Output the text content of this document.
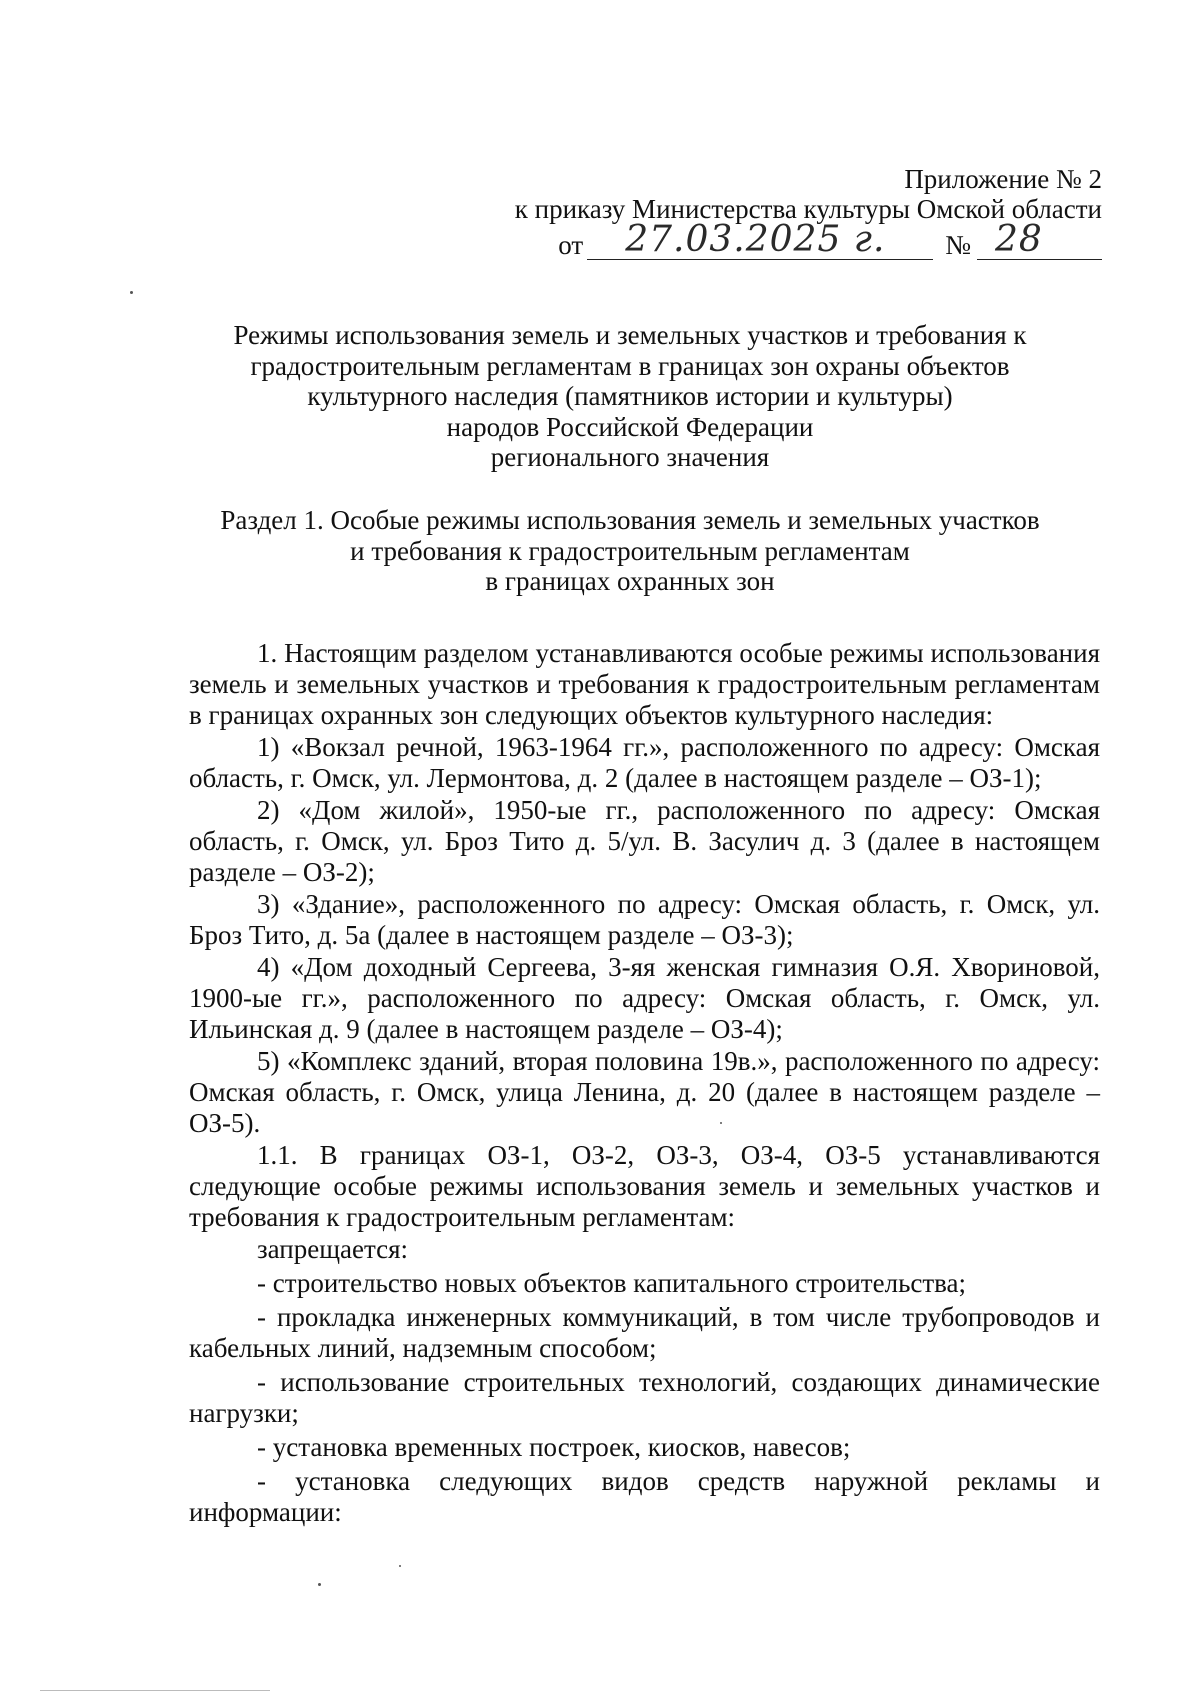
Приложение № 2
к приказу Министерства культуры Омской области
от 27.03.2025 г. № 28

Режимы использования земель и земельных участков и требования к

градостроительным регламентам в границах зон охраны объектов

культурного наследия (памятников истории и культуры)

народов Российской Федерации

регионального значения

Раздел 1. Особые режимы использования земель и земельных участков

и требования к градостроительным регламентам

в границах охранных зон

1. Настоящим разделом устанавливаются особые режимы использования земель и земельных участков и требования к градостроительным регламентам в границах охранных зон следующих объектов культурного наследия:

1) «Вокзал речной, 1963-1964 гг.», расположенного по адресу: Омская область, г. Омск, ул. Лермонтова, д. 2 (далее в настоящем разделе – ОЗ-1);

2) «Дом жилой», 1950-ые гг., расположенного по адресу: Омская область, г. Омск, ул. Броз Тито д. 5/ул. В. Засулич д. 3 (далее в настоящем разделе – ОЗ-2);

3) «Здание», расположенного по адресу: Омская область, г. Омск, ул. Броз Тито, д. 5а (далее в настоящем разделе – ОЗ-3);

4) «Дом доходный Сергеева, 3-яя женская гимназия О.Я. Хворинoвой, 1900-ые гг.», расположенного по адресу: Омская область, г. Омск, ул. Ильинская д. 9 (далее в настоящем разделе – ОЗ-4);

5) «Комплекс зданий, вторая половина 19в.», расположенного по адресу: Омская область, г. Омск, улица Ленина, д. 20 (далее в настоящем разделе – ОЗ-5).

1.1. В границах ОЗ-1, ОЗ-2, ОЗ-3, ОЗ-4, ОЗ-5 устанавливаются следующие особые режимы использования земель и земельных участков и требования к градостроительным регламентам:

запрещается:

- строительство новых объектов капитального строительства;

- прокладка инженерных коммуникаций, в том числе трубопроводов и кабельных линий, надземным способом;

- использование строительных технологий, создающих динамические нагрузки;

- установка временных построек, киосков, навесов;

- установка следующих видов средств наружной рекламы и информации:
